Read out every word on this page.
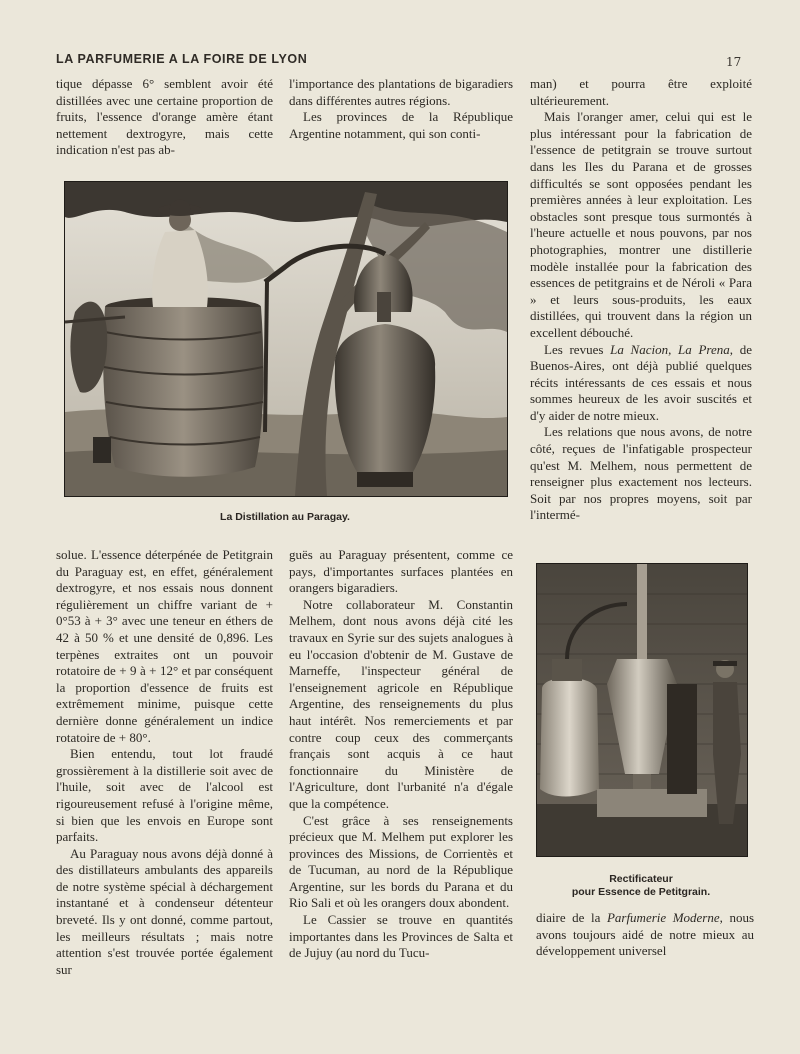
LA PARFUMERIE A LA FOIRE DE LYON	17

tique dépasse 6° semblent avoir été distillées avec une certaine proportion de fruits, l'essence d'orange amère étant nettement dextrogyre, mais cette indication n'est pas ab-

l'importance des plantations de bigaradiers dans différentes autres régions.

Les provinces de la République Argentine notamment, qui son conti-

man) et pourra être exploité ultérieurement.

Mais l'oranger amer, celui qui est le plus intéressant pour la fabrication de l'essence de petitgrain se trouve surtout dans les Iles du Parana et de grosses difficultés se sont opposées pendant les premières années à leur exploitation. Les obstacles sont presque tous surmontés à l'heure actuelle et nous pouvons, par nos photographies, montrer une distillerie modèle installée pour la fabrication des essences de petitgrains et de Néroli « Para » et leurs sous-produits, les eaux distillées, qui trouvent dans la région un excellent débouché.

Les revues La Nacion, La Prena, de Buenos-Aires, ont déjà publié quelques récits intéressants de ces essais et nous sommes heureux de les avoir suscités et d'y aider de notre mieux.

Les relations que nous avons, de notre côté, reçues de l'infatigable prospecteur qu'est M. Melhem, nous permettent de renseigner plus exactement nos lecteurs. Soit par nos propres moyens, soit par l'intermé-

La Distillation au Paragay.

solue. L'essence déterpénée de Petitgrain du Paraguay est, en effet, généralement dextrogyre, et nos essais nous donnent régulièrement un chiffre variant de + 0°53 à + 3° avec une teneur en éthers de 42 à 50 % et une densité de 0,896. Les terpènes extraites ont un pouvoir rotatoire de + 9 à + 12° et par conséquent la proportion d'essence de fruits est extrêmement minime, puisque cette dernière donne généralement un indice rotatoire de + 80°.

Bien entendu, tout lot fraudé grossièrement à la distillerie soit avec de l'huile, soit avec de l'alcool est rigoureusement refusé à l'origine même, si bien que les envois en Europe sont parfaits.

Au Paraguay nous avons déjà donné à des distillateurs ambulants des appareils de notre système spécial à déchargement instantané et à condenseur détenteur breveté. Ils y ont donné, comme partout, les meilleurs résultats ; mais notre attention s'est trouvée portée également sur

guës au Paraguay présentent, comme ce pays, d'importantes surfaces plantées en orangers bigaradiers.

Notre collaborateur M. Constantin Melhem, dont nous avons déjà cité les travaux en Syrie sur des sujets analogues à eu l'occasion d'obtenir de M. Gustave de Marneffe, l'inspecteur général de l'enseignement agricole en République Argentine, des renseignements du plus haut intérêt. Nos remerciements et par contre coup ceux des commerçants français sont acquis à ce haut fonctionnaire du Ministère de l'Agriculture, dont l'urbanité n'a d'égale que la compétence.

C'est grâce à ses renseignements précieux que M. Melhem put explorer les provinces des Missions, de Corrientès et de Tucuman, au nord de la République Argentine, sur les bords du Parana et du Rio Sali et où les orangers doux abondent.

Le Cassier se trouve en quantités importantes dans les Provinces de Salta et de Jujuy (au nord du Tucu-

Rectificateur
pour Essence de Petitgrain.

diaire de la Parfumerie Moderne, nous avons toujours aidé de notre mieux au développement universel
